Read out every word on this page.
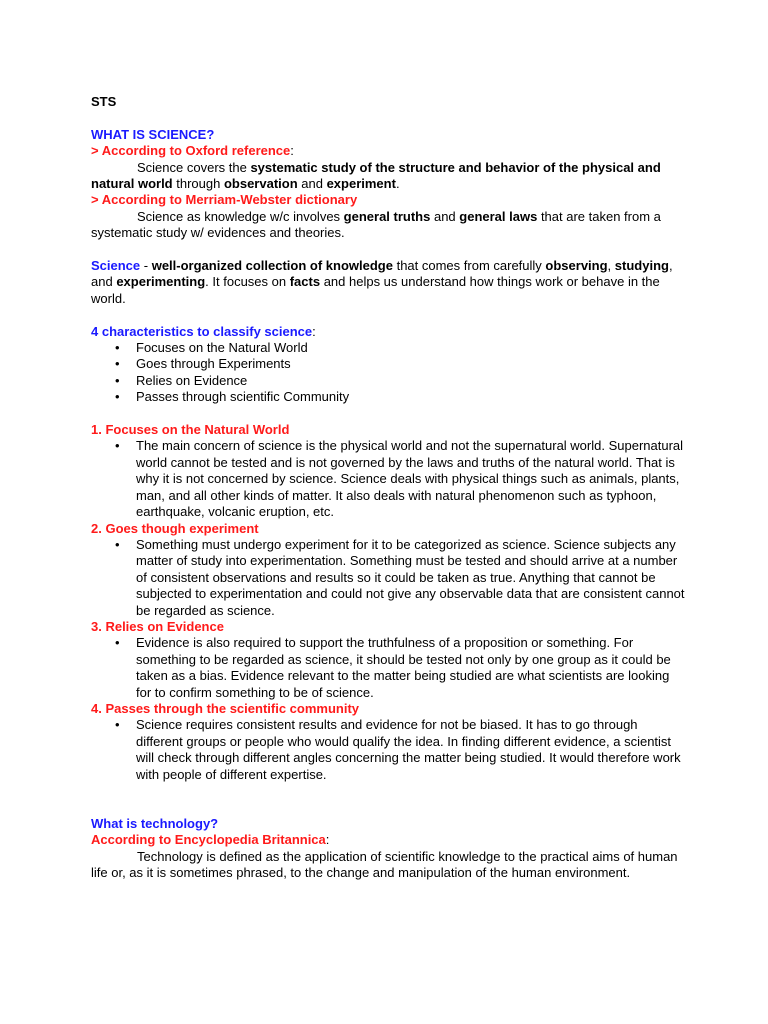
STS

WHAT IS SCIENCE?

> According to Oxford reference:

Science covers the systematic study of the structure and behavior of the physical and natural world through observation and experiment.

> According to Merriam-Webster dictionary

Science as knowledge w/c involves general truths and general laws that are taken from a systematic study w/ evidences and theories.

Science - well-organized collection of knowledge that comes from carefully observing, studying, and experimenting. It focuses on facts and helps us understand how things work or behave in the world.

4 characteristics to classify science:

• Focuses on the Natural World
• Goes through Experiments
• Relies on Evidence
• Passes through scientific Community

1. Focuses on the Natural World

• The main concern of science is the physical world and not the supernatural world. Supernatural world cannot be tested and is not governed by the laws and truths of the natural world. That is why it is not concerned by science. Science deals with physical things such as animals, plants, man, and all other kinds of matter. It also deals with natural phenomenon such as typhoon, earthquake, volcanic eruption, etc.

2. Goes though experiment

• Something must undergo experiment for it to be categorized as science. Science subjects any matter of study into experimentation. Something must be tested and should arrive at a number of consistent observations and results so it could be taken as true. Anything that cannot be subjected to experimentation and could not give any observable data that are consistent cannot be regarded as science.

3. Relies on Evidence

• Evidence is also required to support the truthfulness of a proposition or something. For something to be regarded as science, it should be tested not only by one group as it could be taken as a bias. Evidence relevant to the matter being studied are what scientists are looking for to confirm something to be of science.

4. Passes through the scientific community

• Science requires consistent results and evidence for not be biased. It has to go through different groups or people who would qualify the idea. In finding different evidence, a scientist will check through different angles concerning the matter being studied. It would therefore work with people of different expertise.

What is technology?

According to Encyclopedia Britannica:

Technology is defined as the application of scientific knowledge to the practical aims of human life or, as it is sometimes phrased, to the change and manipulation of the human environment.
